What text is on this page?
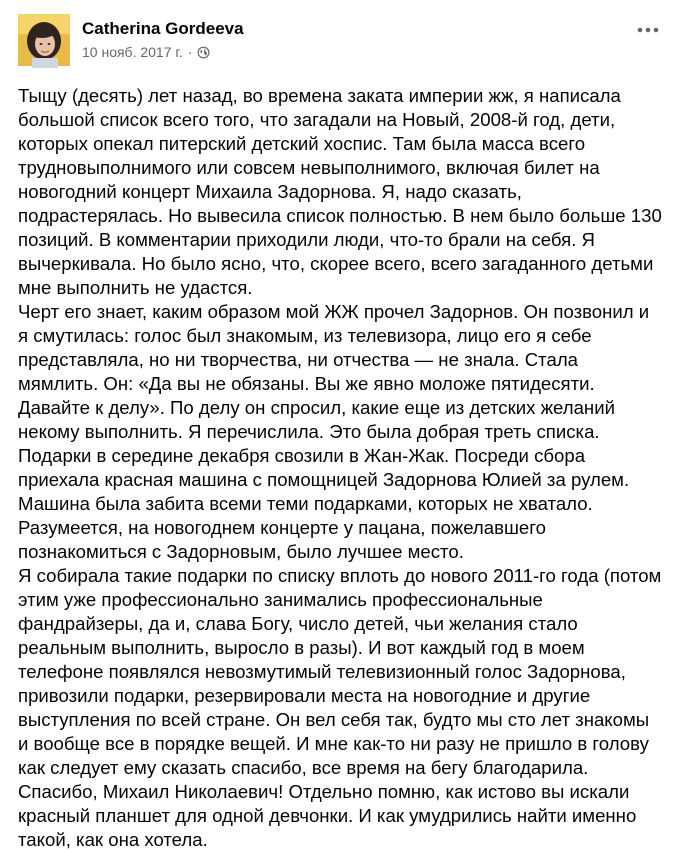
Catherina Gordeeva
10 нояб. 2017 г. ·

Тыщу (десять) лет назад, во времена заката империи жж, я написала большой список всего того, что загадали на Новый, 2008-й год, дети, которых опекал питерский детский хоспис. Там была масса всего трудновыполнимого или совсем невыполнимого, включая билет на новогодний концерт Михаила Задорнова. Я, надо сказать, подрастерялась. Но вывесила список полностью. В нем было больше 130 позиций. В комментарии приходили люди, что-то брали на себя. Я вычеркивала. Но было ясно, что, скорее всего, всего загаданного детьми мне выполнить не удастся.

Черт его знает, каким образом мой ЖЖ прочел Задорнов. Он позвонил и я смутилась: голос был знакомым, из телевизора, лицо его я себе представляла, но ни творчества, ни отчества — не знала. Стала мямлить. Он: «Да вы не обязаны. Вы же явно моложе пятидесяти. Давайте к делу». По делу он спросил, какие еще из детских желаний некому выполнить. Я перечислила. Это была добрая треть списка.

Подарки в середине декабря свозили в Жан-Жак. Посреди сбора приехала красная машина с помощницей Задорнова Юлией за рулем. Машина была забита всеми теми подарками, которых не хватало. Разумеется, на новогоднем концерте у пацана, пожелавшего познакомиться с Задорновым, было лучшее место.

Я собирала такие подарки по списку вплоть до нового 2011-го года (потом этим уже профессионально занимались профессиональные фандрайзеры, да и, слава Богу, число детей, чьи желания стало реальным выполнить, выросло в разы). И вот каждый год в моем телефоне появлялся невозмутимый телевизионный голос Задорнова, привозили подарки, резервировали места на новогодние и другие выступления по всей стране. Он вел себя так, будто мы сто лет знакомы и вообще все в порядке вещей. И мне как-то ни разу не пришло в голову как следует ему сказать спасибо, все время на бегу благодарила. Спасибо, Михаил Николаевич! Отдельно помню, как истово вы искали красный планшет для одной девчонки. И как умудрились найти именно такой, как она хотела.
